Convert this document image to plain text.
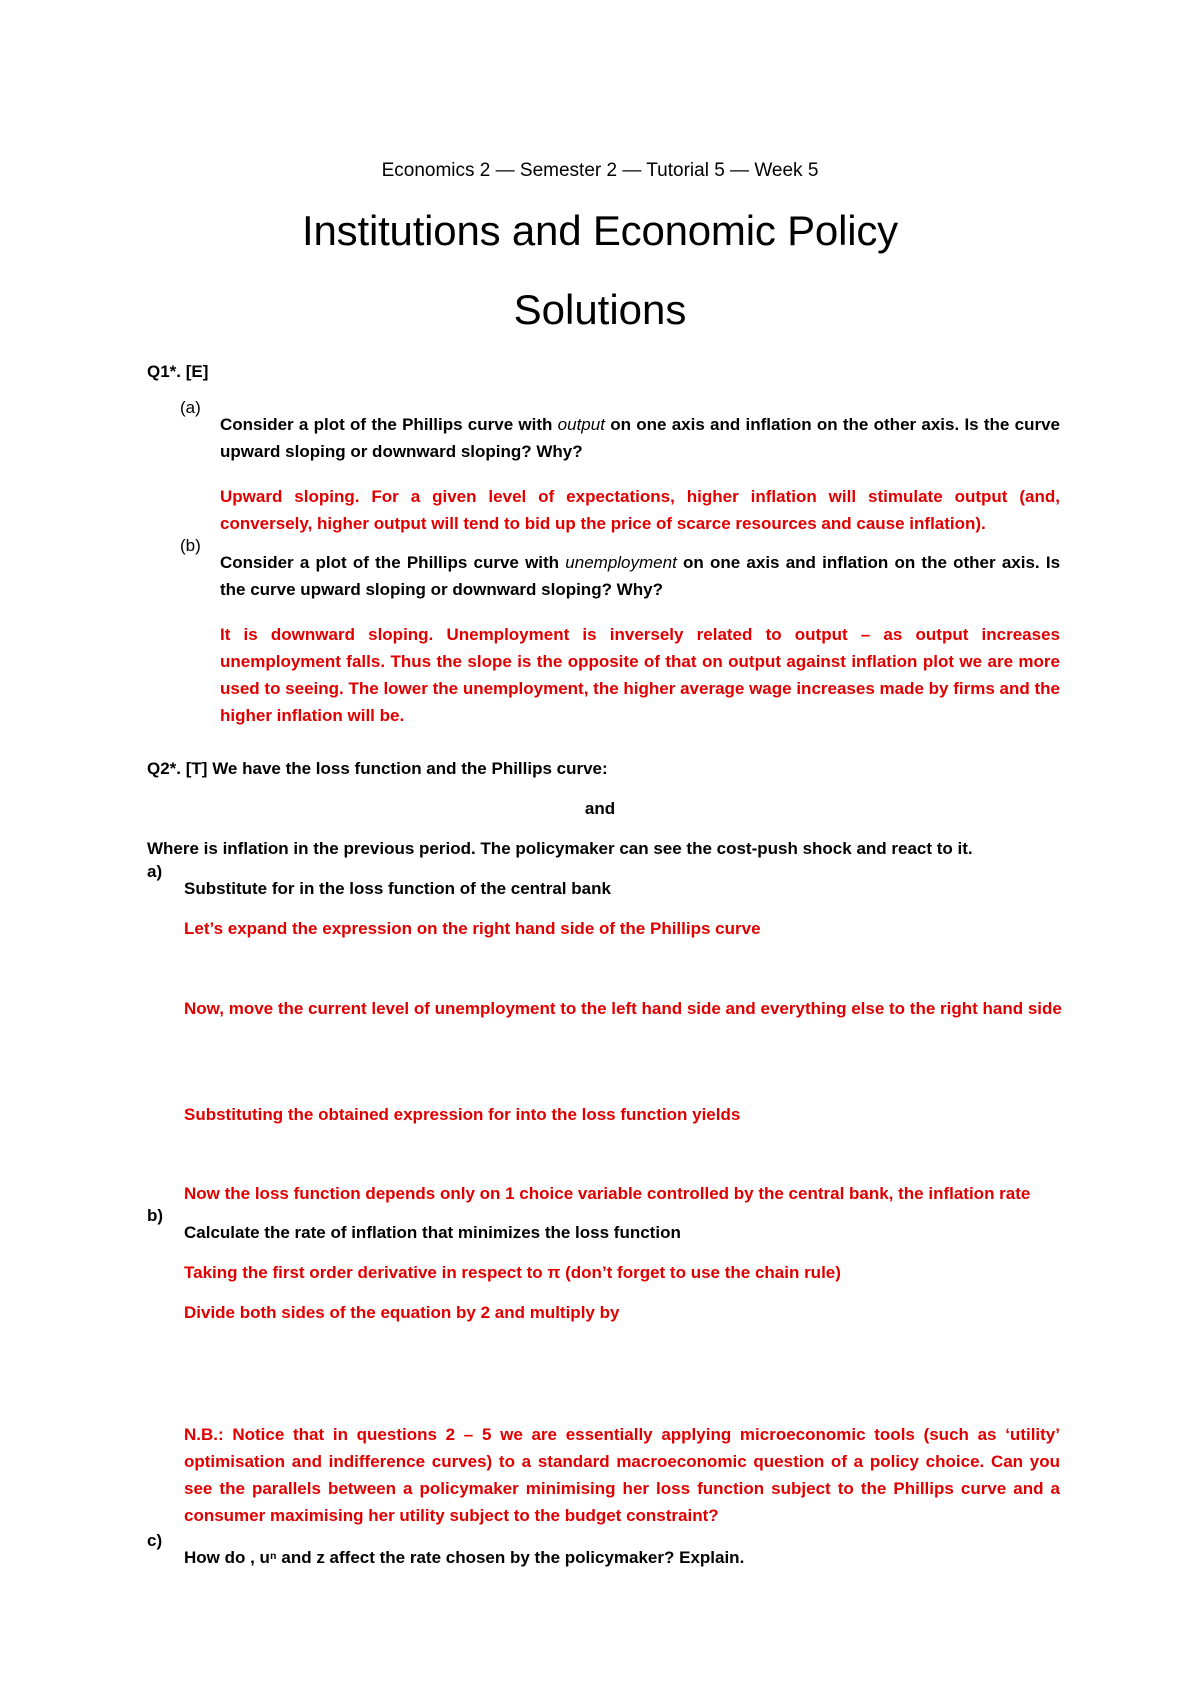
Economics 2 — Semester 2 — Tutorial 5 — Week 5

Institutions and Economic Policy
Solutions

Q1*. [E]

(a)

Consider a plot of the Phillips curve with output on one axis and inflation on the other axis. Is the curve upward sloping or downward sloping? Why?

Upward sloping. For a given level of expectations, higher inflation will stimulate output (and, conversely, higher output will tend to bid up the price of scarce resources and cause inflation).

(b)

Consider a plot of the Phillips curve with unemployment on one axis and inflation on the other axis. Is the curve upward sloping or downward sloping? Why?

It is downward sloping. Unemployment is inversely related to output – as output increases unemployment falls. Thus the slope is the opposite of that on output against inflation plot we are more used to seeing. The lower the unemployment, the higher average wage increases made by firms and the higher inflation will be.

Q2*. [T] We have the loss function and the Phillips curve:

and

Where is inflation in the previous period. The policymaker can see the cost-push shock and react to it.

a)

Substitute for in the loss function of the central bank

Let’s expand the expression on the right hand side of the Phillips curve

Now, move the current level of unemployment to the left hand side and everything else to the right hand side

Substituting the obtained expression for into the loss function yields

Now the loss function depends only on 1 choice variable controlled by the central bank, the inflation rate

b)

Calculate the rate of inflation that minimizes the loss function

Taking the first order derivative in respect to π (don’t forget to use the chain rule)

Divide both sides of the equation by 2 and multiply by

N.B.: Notice that in questions 2 – 5 we are essentially applying microeconomic tools (such as ‘utility’ optimisation and indifference curves) to a standard macroeconomic question of a policy choice. Can you see the parallels between a policymaker minimising her loss function subject to the Phillips curve and a consumer maximising her utility subject to the budget constraint?

c)

How do , uⁿ and z affect the rate chosen by the policymaker? Explain.
